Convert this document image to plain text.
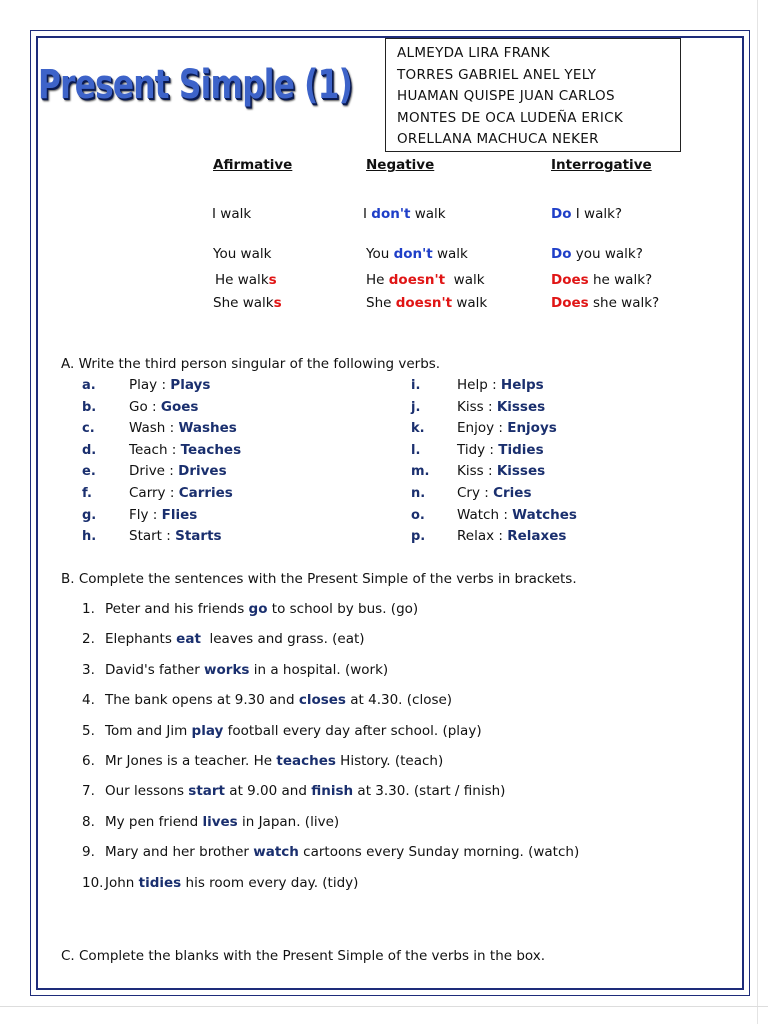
Present Simple (1)
ALMEYDA LIRA FRANK
TORRES GABRIEL ANEL YELY
HUAMAN QUISPE JUAN CARLOS
MONTES DE OCA LUDEÑA ERICK
ORELLANA MACHUCA NEKER
Afirmative	Negative	Interrogative
I walk	I don't walk	Do I walk?
You walk	You don't walk	Do you walk?
He walks	He doesn't  walk	Does he walk?
She walks	She doesn't walk	Does she walk?
A. Write the third person singular of the following verbs.
a. Play : Plays
b. Go : Goes
c.	Wash : Washes
d. Teach : Teaches
e. Drive : Drives
f.	Carry : Carries
g. Fly : Flies
h. Start : Starts
i.	Help : Helps
j.	Kiss : Kisses
k. Enjoy : Enjoys
l.	Tidy : Tidies
m. Kiss : Kisses
n. Cry : Cries
o. Watch : Watches
p. Relax : Relaxes
B. Complete the sentences with the Present Simple of the verbs in brackets.
1. Peter and his friends go to school by bus. (go)
2. Elephants eat  leaves and grass. (eat)
3. David's father works in a hospital. (work)
4. The bank opens at 9.30 and closes at 4.30. (close)
5. Tom and Jim play football every day after school. (play)
6. Mr Jones is a teacher. He teaches History. (teach)
7. Our lessons start at 9.00 and finish at 3.30. (start / finish)
8. My pen friend lives in Japan. (live)
9. Mary and her brother watch cartoons every Sunday morning. (watch)
10. John tidies his room every day. (tidy)
C. Complete the blanks with the Present Simple of the verbs in the box.
